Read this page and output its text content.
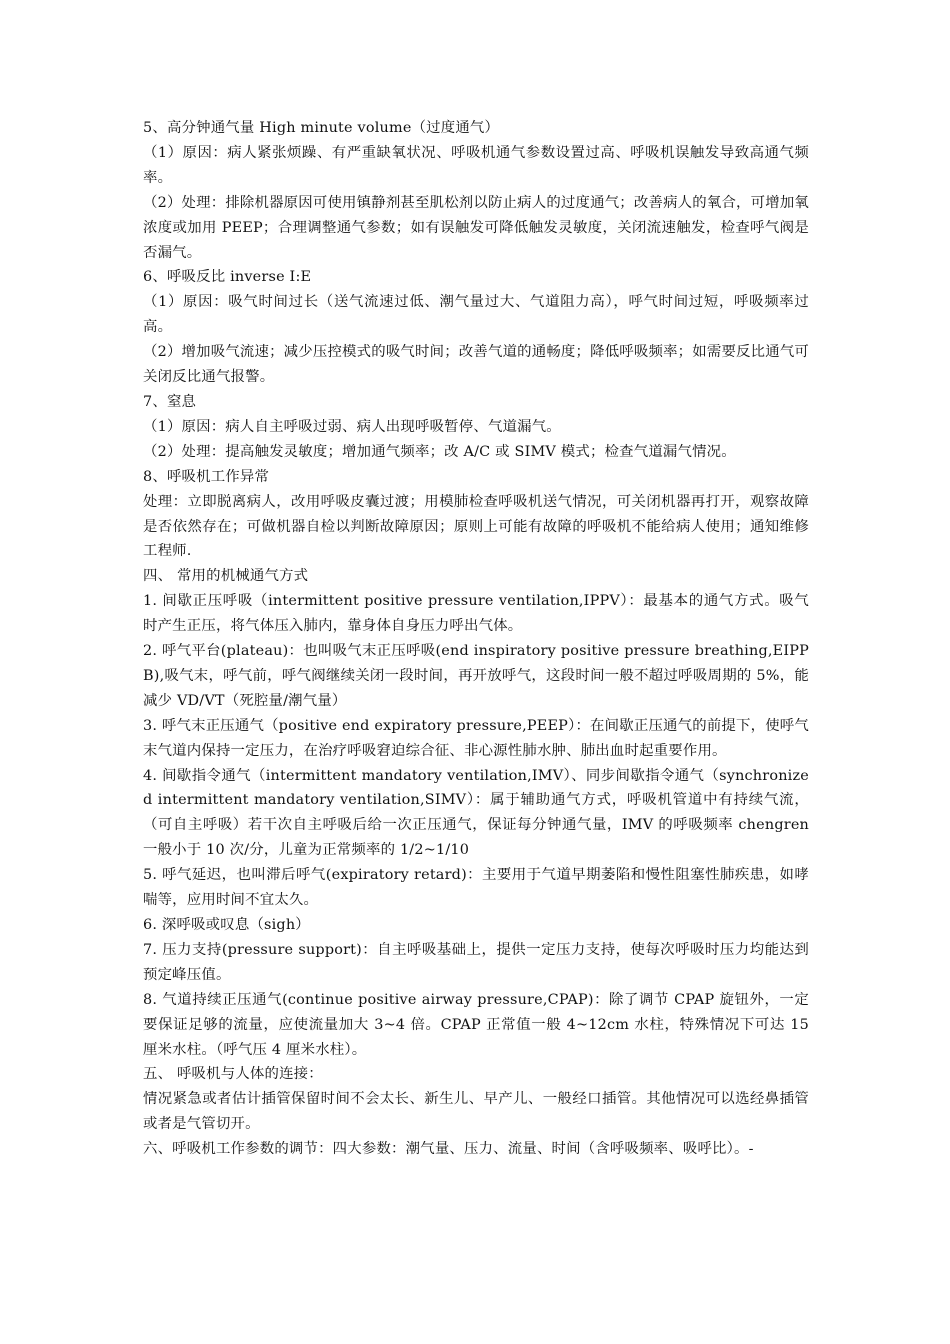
5、高分钟通气量 High minute volume（过度通气）

（1）原因：病人紧张烦躁、有严重缺氧状况、呼吸机通气参数设置过高、呼吸机误触发导致高通气频率。

（2）处理：排除机器原因可使用镇静剂甚至肌松剂以防止病人的过度通气；改善病人的氧合，可增加氧浓度或加用 PEEP；合理调整通气参数；如有误触发可降低触发灵敏度，关闭流速触发，检查呼气阀是否漏气。

6、呼吸反比 inverse I:E

（1）原因：吸气时间过长（送气流速过低、潮气量过大、气道阻力高），呼气时间过短，呼吸频率过高。

（2）增加吸气流速；减少压控模式的吸气时间；改善气道的通畅度；降低呼吸频率；如需要反比通气可关闭反比通气报警。

7、窒息

（1）原因：病人自主呼吸过弱、病人出现呼吸暂停、气道漏气。

（2）处理：提高触发灵敏度；增加通气频率；改 A/C 或 SIMV 模式；检查气道漏气情况。

8、呼吸机工作异常

处理：立即脱离病人，改用呼吸皮囊过渡；用模肺检查呼吸机送气情况，可关闭机器再打开，观察故障是否依然存在；可做机器自检以判断故障原因；原则上可能有故障的呼吸机不能给病人使用；通知维修工程师.

四、 常用的机械通气方式

1. 间歇正压呼吸（intermittent positive pressure ventilation,IPPV）：最基本的通气方式。吸气时产生正压，将气体压入肺内，靠身体自身压力呼出气体。

2. 呼气平台(plateau)：也叫吸气末正压呼吸(end inspiratory positive pressure breathing,EIPPB),吸气末，呼气前，呼气阀继续关闭一段时间，再开放呼气，这段时间一般不超过呼吸周期的 5%，能减少 VD/VT（死腔量/潮气量）

3. 呼气末正压通气（positive end expiratory pressure,PEEP）：在间歇正压通气的前提下，使呼气末气道内保持一定压力，在治疗呼吸窘迫综合征、非心源性肺水肿、肺出血时起重要作用。

4. 间歇指令通气（intermittent mandatory ventilation,IMV）、同步间歇指令通气（synchronized intermittent mandatory ventilation,SIMV）：属于辅助通气方式，呼吸机管道中有持续气流，（可自主呼吸）若干次自主呼吸后给一次正压通气，保证每分钟通气量，IMV 的呼吸频率 chengren 一般小于 10 次/分，儿童为正常频率的 1/2~1/10

5. 呼气延迟，也叫滞后呼气(expiratory retard)：主要用于气道早期萎陷和慢性阻塞性肺疾患，如哮喘等，应用时间不宜太久。

6. 深呼吸或叹息（sigh）

7. 压力支持(pressure support)：自主呼吸基础上，提供一定压力支持，使每次呼吸时压力均能达到预定峰压值。

8. 气道持续正压通气(continue positive airway pressure,CPAP)：除了调节 CPAP 旋钮外，一定要保证足够的流量，应使流量加大 3~4 倍。CPAP 正常值一般 4~12cm 水柱，特殊情况下可达 15 厘米水柱。（呼气压 4 厘米水柱）。

五、 呼吸机与人体的连接：

情况紧急或者估计插管保留时间不会太长、新生儿、早产儿、一般经口插管。其他情况可以选经鼻插管或者是气管切开。

六、呼吸机工作参数的调节：四大参数：潮气量、压力、流量、时间（含呼吸频率、吸呼比）。-
